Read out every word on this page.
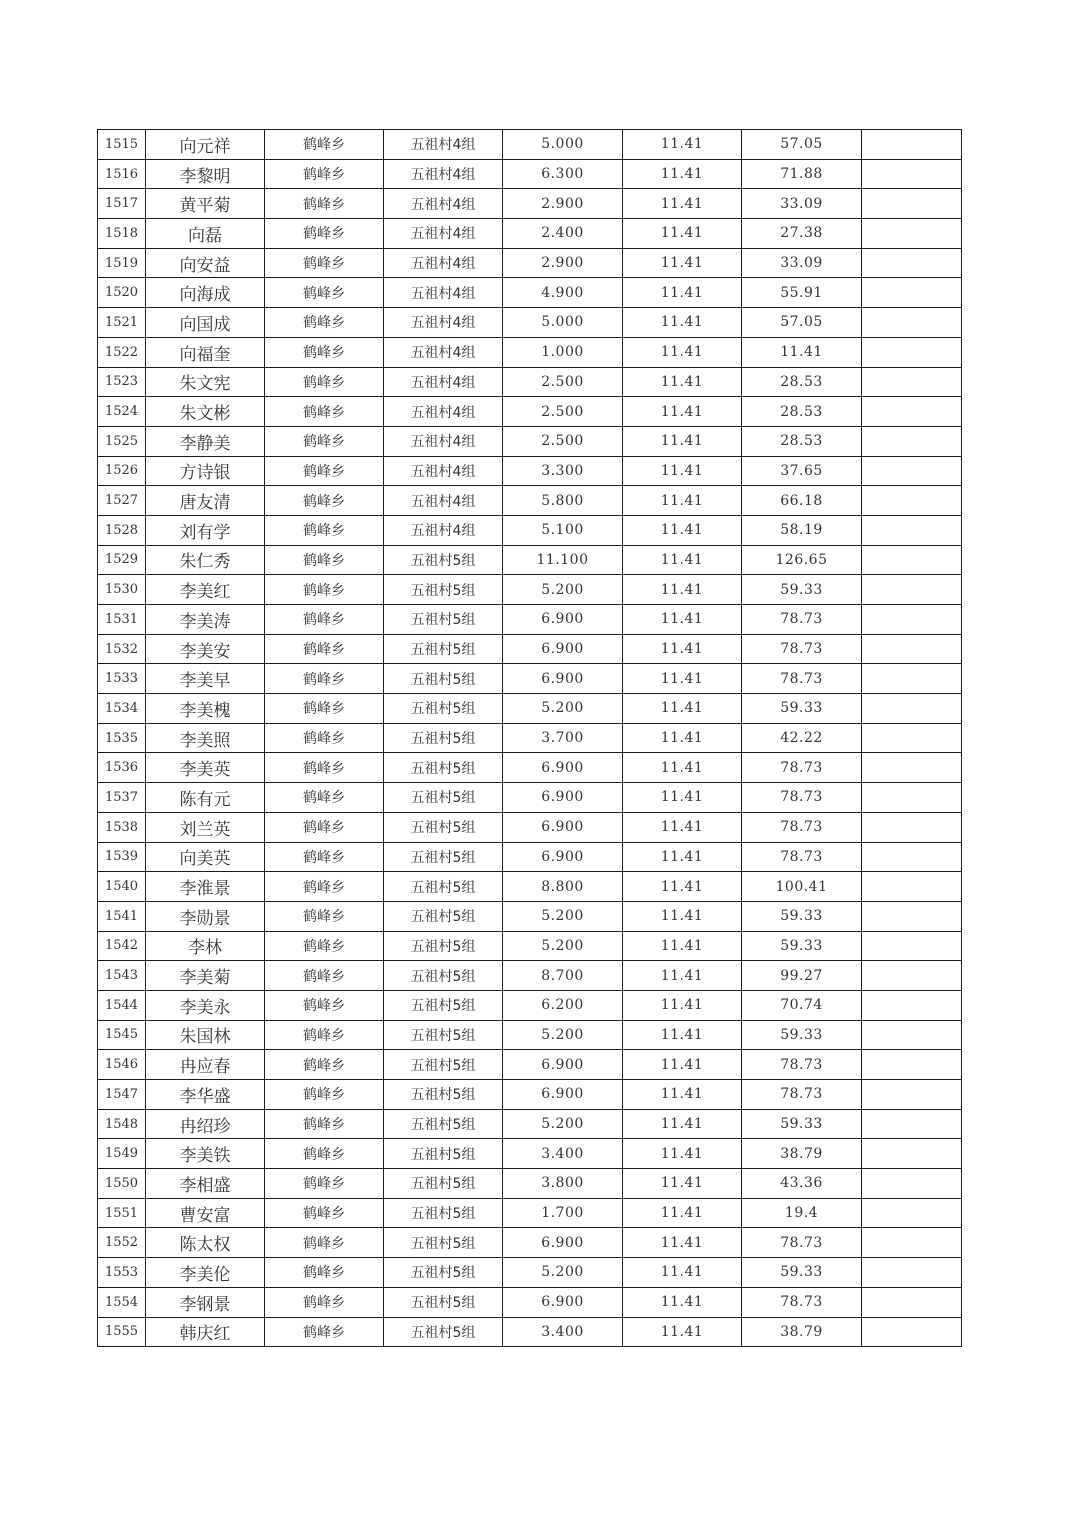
1515	向元祥	鹤峰乡	五祖村4组	5.000	11.41	57.05	
1516	李黎明	鹤峰乡	五祖村4组	6.300	11.41	71.88	
1517	黄平菊	鹤峰乡	五祖村4组	2.900	11.41	33.09	
1518	向磊	鹤峰乡	五祖村4组	2.400	11.41	27.38	
1519	向安益	鹤峰乡	五祖村4组	2.900	11.41	33.09	
1520	向海成	鹤峰乡	五祖村4组	4.900	11.41	55.91	
1521	向国成	鹤峰乡	五祖村4组	5.000	11.41	57.05	
1522	向福奎	鹤峰乡	五祖村4组	1.000	11.41	11.41	
1523	朱文宪	鹤峰乡	五祖村4组	2.500	11.41	28.53	
1524	朱文彬	鹤峰乡	五祖村4组	2.500	11.41	28.53	
1525	李静美	鹤峰乡	五祖村4组	2.500	11.41	28.53	
1526	方诗银	鹤峰乡	五祖村4组	3.300	11.41	37.65	
1527	唐友清	鹤峰乡	五祖村4组	5.800	11.41	66.18	
1528	刘有学	鹤峰乡	五祖村4组	5.100	11.41	58.19	
1529	朱仁秀	鹤峰乡	五祖村5组	11.100	11.41	126.65	
1530	李美红	鹤峰乡	五祖村5组	5.200	11.41	59.33	
1531	李美涛	鹤峰乡	五祖村5组	6.900	11.41	78.73	
1532	李美安	鹤峰乡	五祖村5组	6.900	11.41	78.73	
1533	李美早	鹤峰乡	五祖村5组	6.900	11.41	78.73	
1534	李美槐	鹤峰乡	五祖村5组	5.200	11.41	59.33	
1535	李美照	鹤峰乡	五祖村5组	3.700	11.41	42.22	
1536	李美英	鹤峰乡	五祖村5组	6.900	11.41	78.73	
1537	陈有元	鹤峰乡	五祖村5组	6.900	11.41	78.73	
1538	刘兰英	鹤峰乡	五祖村5组	6.900	11.41	78.73	
1539	向美英	鹤峰乡	五祖村5组	6.900	11.41	78.73	
1540	李淮景	鹤峰乡	五祖村5组	8.800	11.41	100.41	
1541	李勋景	鹤峰乡	五祖村5组	5.200	11.41	59.33	
1542	李林	鹤峰乡	五祖村5组	5.200	11.41	59.33	
1543	李美菊	鹤峰乡	五祖村5组	8.700	11.41	99.27	
1544	李美永	鹤峰乡	五祖村5组	6.200	11.41	70.74	
1545	朱国林	鹤峰乡	五祖村5组	5.200	11.41	59.33	
1546	冉应春	鹤峰乡	五祖村5组	6.900	11.41	78.73	
1547	李华盛	鹤峰乡	五祖村5组	6.900	11.41	78.73	
1548	冉绍珍	鹤峰乡	五祖村5组	5.200	11.41	59.33	
1549	李美铁	鹤峰乡	五祖村5组	3.400	11.41	38.79	
1550	李相盛	鹤峰乡	五祖村5组	3.800	11.41	43.36	
1551	曹安富	鹤峰乡	五祖村5组	1.700	11.41	19.4	
1552	陈太权	鹤峰乡	五祖村5组	6.900	11.41	78.73	
1553	李美伦	鹤峰乡	五祖村5组	5.200	11.41	59.33	
1554	李钢景	鹤峰乡	五祖村5组	6.900	11.41	78.73	
1555	韩庆红	鹤峰乡	五祖村5组	3.400	11.41	38.79	
